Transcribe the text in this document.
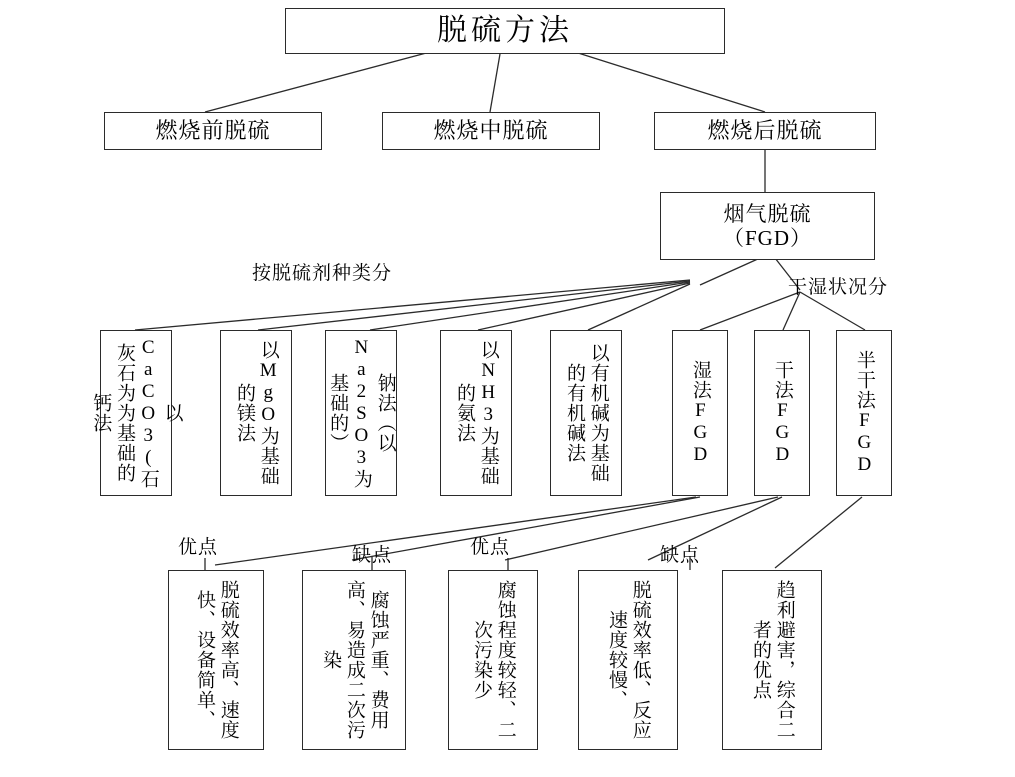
脱硫方法
燃烧前脱硫	燃烧中脱硫	燃烧后脱硫
烟气脱硫
（FGD）
按脱硫剂种类分
干湿状况分
优点	缺点	优点	缺点
以CaCO3(石灰石为为基础的钙法	以MgO为基础的镁法	钠法（以Na2SO3为基础的）	以NH3为基础的氨法	以有机碱为基础的有机碱法	湿法FGD	干法FGD	半干法FGD
脱硫效率高、速度快、设备简单、	腐蚀严重、费用高、易造成二次污染	腐蚀程度较轻、二次污染少	脱硫效率低、反应速度较慢、	趋利避害，综合二者的优点
